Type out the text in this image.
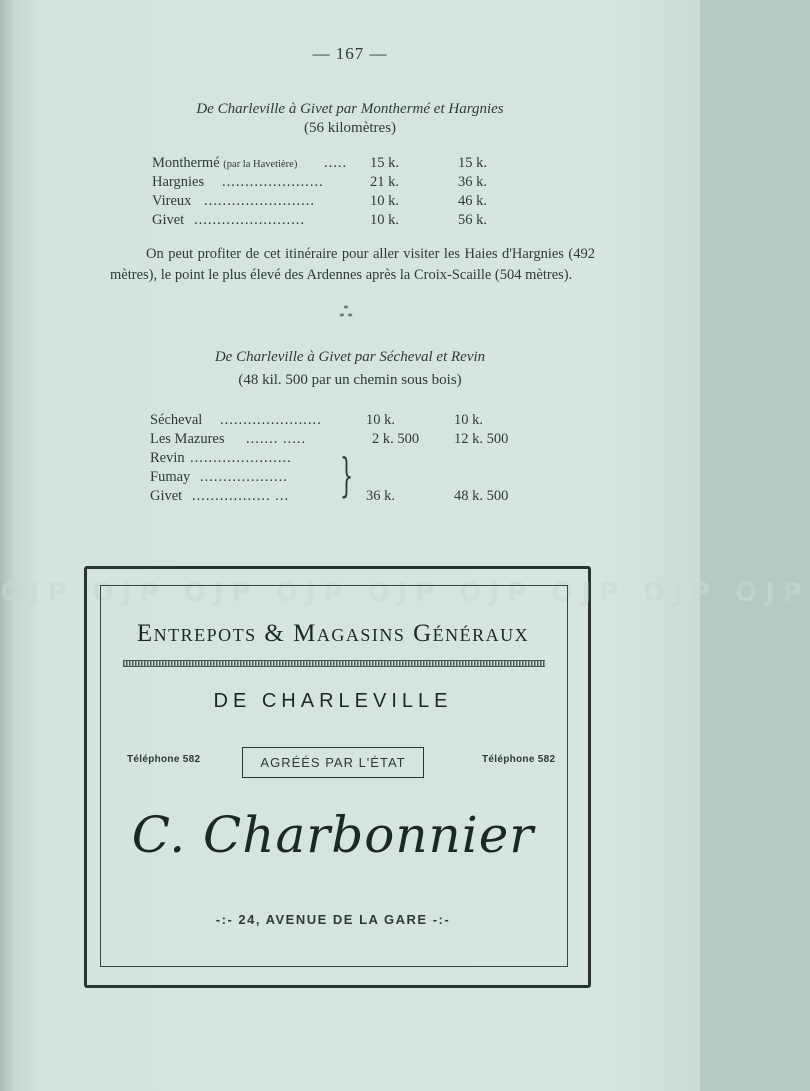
— 167 —
De Charleville à Givet par Monthermé et Hargnies
(56 kilomètres)
Monthermé (par la Havetière) ..... 15 k.	15 k.
Hargnies ......................	21 k.	36 k.
Vireux ........................	10 k.	46 k.
Givet ........................	10 k.	56 k.
On peut profiter de cet itinéraire pour aller visiter les Haies d'Hargnies (492 mètres), le point le plus élevé des Ardennes après la Croix-Scaille (504 mètres).
*
* *
De Charleville à Givet par Sécheval et Revin
(48 kil. 500 par un chemin sous bois)
Sécheval ......................	10 k.	10 k.
Les Mazures ....... .....	2 k. 500 12 k. 500
Revin ......................
Fumay ...................
Givet ................. ...	36 k.	48 k. 500
}
OJP OJP OJP OJP OJP OJP OJP OJP OJP
Entrepots & Magasins Généraux
DE CHARLEVILLE
Téléphone 582	AGRÉÉS PAR L'ÉTAT	Téléphone 582
C. Charbonnier
-:- 24, AVENUE DE LA GARE -:-
